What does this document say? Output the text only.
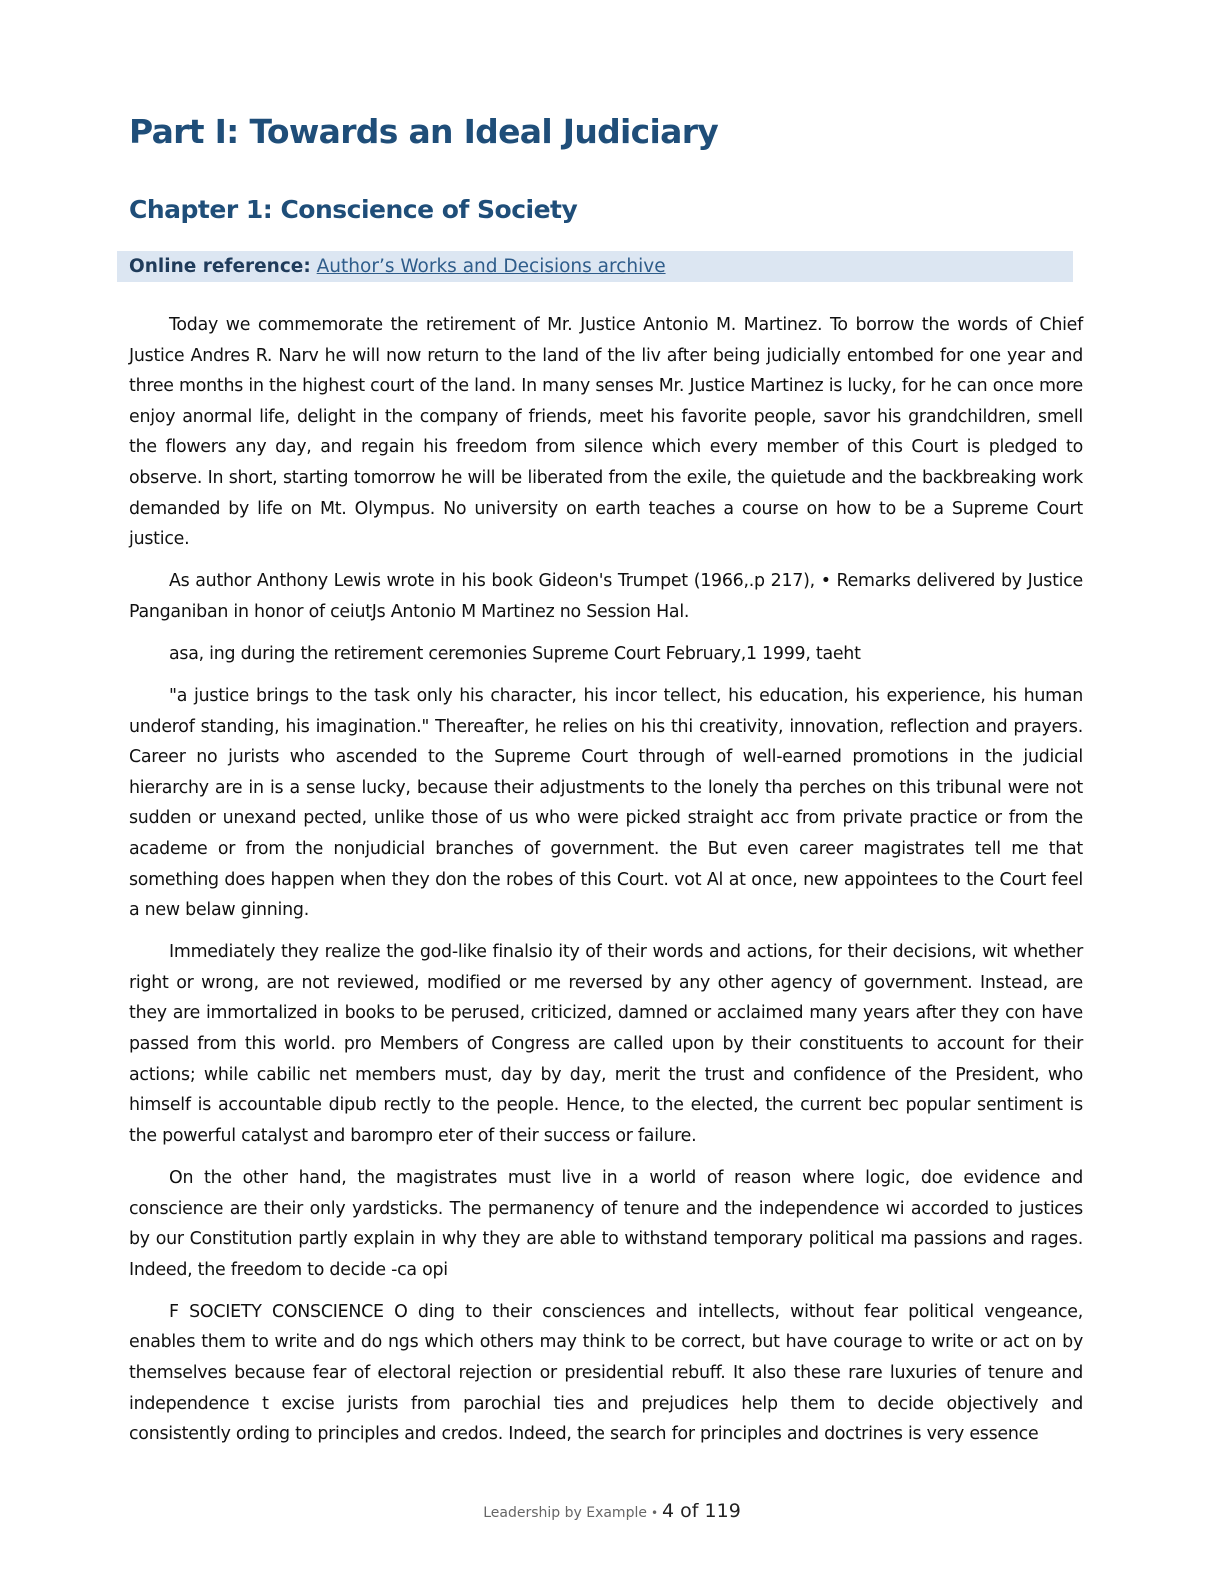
Part I: Towards an Ideal Judiciary
Chapter 1: Conscience of Society
Online reference: Author’s Works and Decisions archive

Today we commemorate the retirement of Mr. Justice Antonio M. Martinez. To borrow the words of Chief Justice Andres R. Narv he will now return to the land of the liv after being judicially entombed for one year and three months in the highest court of the land. In many senses Mr. Justice Martinez is lucky, for he can once more enjoy anormal life, delight in the company of friends, meet his favorite people, savor his grandchildren, smell the flowers any day, and regain his freedom from silence which every member of this Court is pledged to observe. In short, starting tomorrow he will be liberated from the exile, the quietude and the backbreaking work demanded by life on Mt. Olympus. No university on earth teaches a course on how to be a Supreme Court justice.

As author Anthony Lewis wrote in his book Gideon's Trumpet (1966,.p 217), • Remarks delivered by Justice Panganiban in honor of ceiutJs Antonio M Martinez no Session Hal.

asa, ing during the retirement ceremonies Supreme Court February,1 1999, taeht

"a justice brings to the task only his character, his incor tellect, his education, his experience, his human underof standing, his imagination." Thereafter, he relies on his thi creativity, innovation, reflection and prayers. Career no jurists who ascended to the Supreme Court through of well-earned promotions in the judicial hierarchy are in is a sense lucky, because their adjustments to the lonely tha perches on this tribunal were not sudden or unexand pected, unlike those of us who were picked straight acc from private practice or from the academe or from the nonjudicial branches of government. the But even career magistrates tell me that something does happen when they don the robes of this Court. vot Al at once, new appointees to the Court feel a new belaw ginning.

Immediately they realize the god-like finalsio ity of their words and actions, for their decisions, wit whether right or wrong, are not reviewed, modified or me reversed by any other agency of government. Instead, are they are immortalized in books to be perused, criticized, damned or acclaimed many years after they con have passed from this world. pro Members of Congress are called upon by their constituents to account for their actions; while cabilic net members must, day by day, merit the trust and confidence of the President, who himself is accountable dipub rectly to the people. Hence, to the elected, the current bec popular sentiment is the powerful catalyst and barompro eter of their success or failure.

On the other hand, the magistrates must live in a world of reason where logic, doe evidence and conscience are their only yardsticks. The permanency of tenure and the independence wi accorded to justices by our Constitution partly explain in why they are able to withstand temporary political ma passions and rages. Indeed, the freedom to decide -ca opi

F SOCIETY CONSCIENCE O ding to their consciences and intellects, without fear political vengeance, enables them to write and do ngs which others may think to be correct, but have courage to write or act on by themselves because fear of electoral rejection or presidential rebuff. It also these rare luxuries of tenure and independence t excise jurists from parochial ties and prejudices help them to decide objectively and consistently ording to principles and credos. Indeed, the search for principles and doctrines is very essence

Leadership by Example • 4 of 119
